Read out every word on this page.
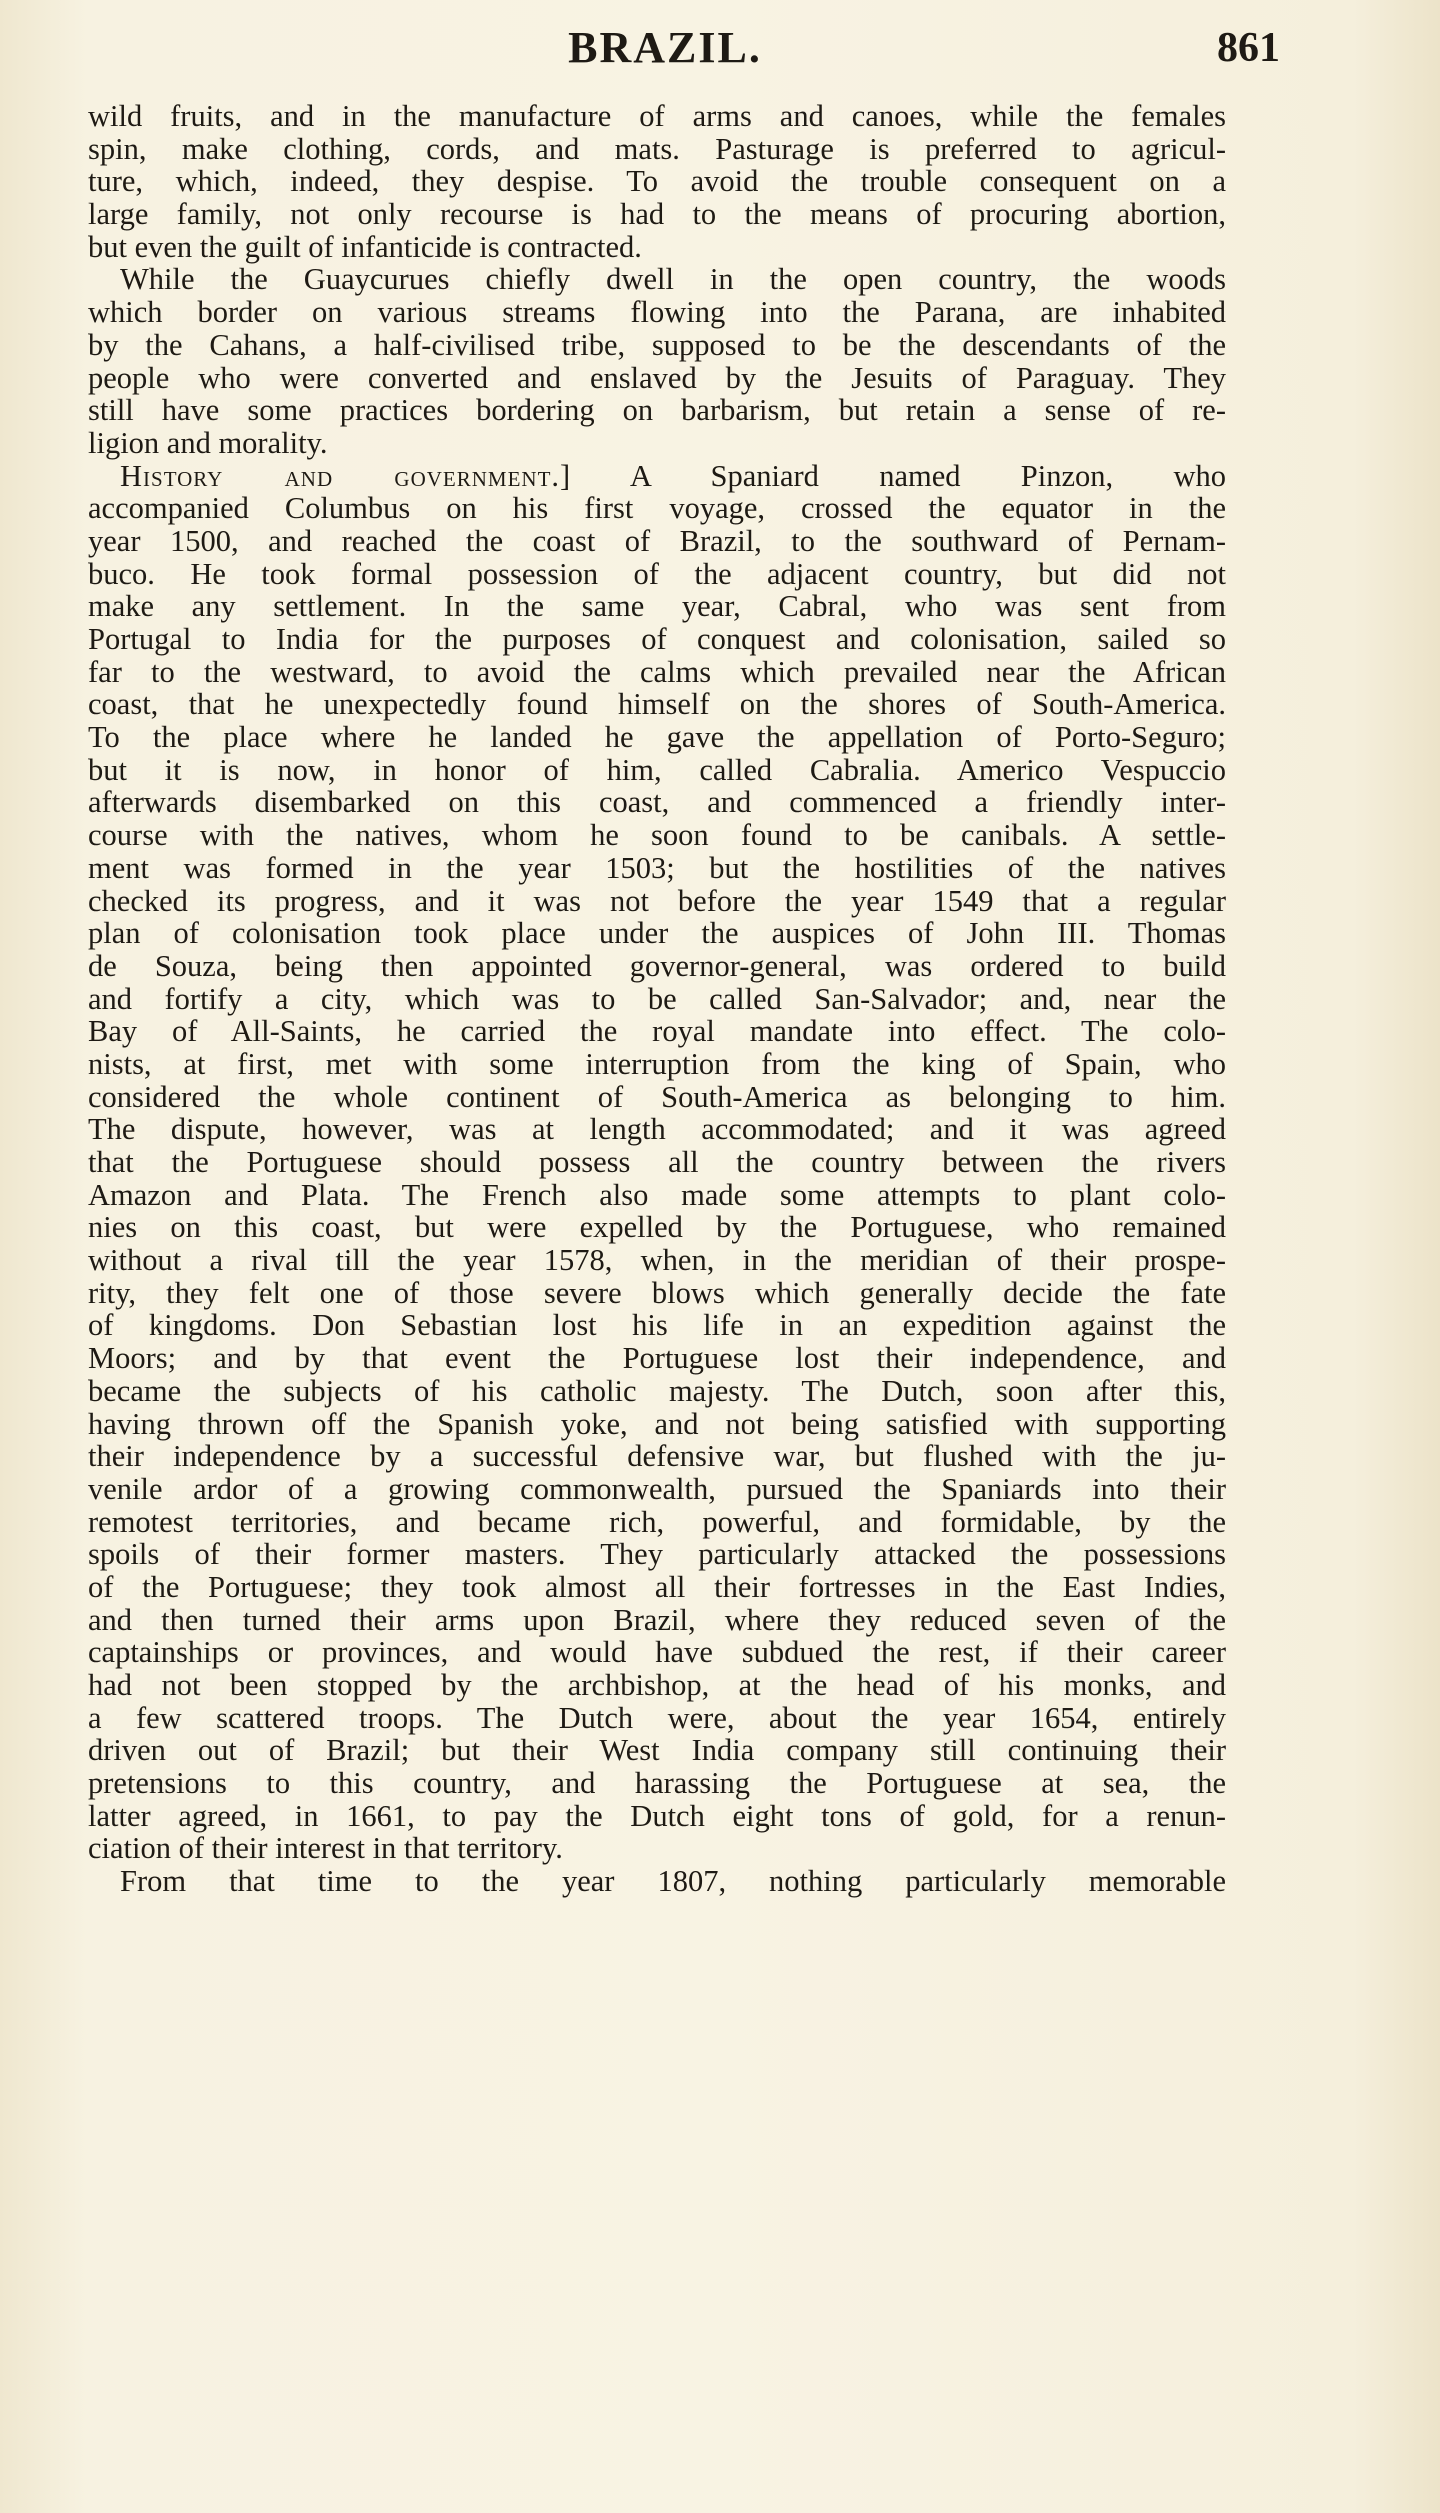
BRAZIL.	861
wild fruits, and in the manufacture of arms and canoes, while the females
spin, make clothing, cords, and mats. Pasturage is preferred to agricul-
ture, which, indeed, they despise. To avoid the trouble consequent on a
large family, not only recourse is had to the means of procuring abortion,
but even the guilt of infanticide is contracted.
While the Guaycurues chiefly dwell in the open country, the woods
which border on various streams flowing into the Parana, are inhabited
by the Cahans, a half-civilised tribe, supposed to be the descendants of the
people who were converted and enslaved by the Jesuits of Paraguay. They
still have some practices bordering on barbarism, but retain a sense of re-
ligion and morality.
History and government.] A Spaniard named Pinzon, who
accompanied Columbus on his first voyage, crossed the equator in the
year 1500, and reached the coast of Brazil, to the southward of Pernam-
buco. He took formal possession of the adjacent country, but did not
make any settlement. In the same year, Cabral, who was sent from
Portugal to India for the purposes of conquest and colonisation, sailed so
far to the westward, to avoid the calms which prevailed near the African
coast, that he unexpectedly found himself on the shores of South-America.
To the place where he landed he gave the appellation of Porto-Seguro;
but it is now, in honor of him, called Cabralia. Americo Vespuccio
afterwards disembarked on this coast, and commenced a friendly inter-
course with the natives, whom he soon found to be canibals. A settle-
ment was formed in the year 1503; but the hostilities of the natives
checked its progress, and it was not before the year 1549 that a regular
plan of colonisation took place under the auspices of John III. Thomas
de Souza, being then appointed governor-general, was ordered to build
and fortify a city, which was to be called San-Salvador; and, near the
Bay of All-Saints, he carried the royal mandate into effect. The colo-
nists, at first, met with some interruption from the king of Spain, who
considered the whole continent of South-America as belonging to him.
The dispute, however, was at length accommodated; and it was agreed
that the Portuguese should possess all the country between the rivers
Amazon and Plata. The French also made some attempts to plant colo-
nies on this coast, but were expelled by the Portuguese, who remained
without a rival till the year 1578, when, in the meridian of their prospe-
rity, they felt one of those severe blows which generally decide the fate
of kingdoms. Don Sebastian lost his life in an expedition against the
Moors; and by that event the Portuguese lost their independence, and
became the subjects of his catholic majesty. The Dutch, soon after this,
having thrown off the Spanish yoke, and not being satisfied with supporting
their independence by a successful defensive war, but flushed with the ju-
venile ardor of a growing commonwealth, pursued the Spaniards into their
remotest territories, and became rich, powerful, and formidable, by the
spoils of their former masters. They particularly attacked the possessions
of the Portuguese; they took almost all their fortresses in the East Indies,
and then turned their arms upon Brazil, where they reduced seven of the
captainships or provinces, and would have subdued the rest, if their career
had not been stopped by the archbishop, at the head of his monks, and
a few scattered troops. The Dutch were, about the year 1654, entirely
driven out of Brazil; but their West India company still continuing their
pretensions to this country, and harassing the Portuguese at sea, the
latter agreed, in 1661, to pay the Dutch eight tons of gold, for a renun-
ciation of their interest in that territory.
From that time to the year 1807, nothing particularly memorable
